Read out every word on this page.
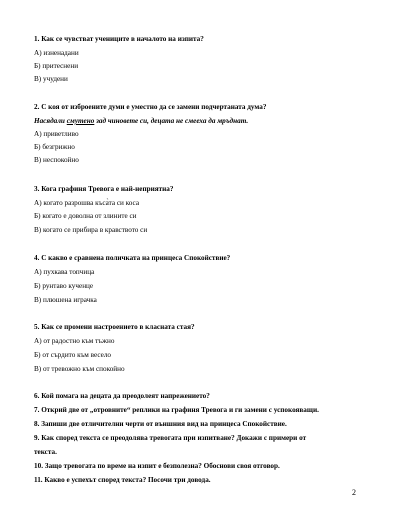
1. Как се чувстват учениците в началото на изпита?
А) изненадани
Б) притеснени
В) учудени
2. С коя от изброените думи е уместно да се замени подчертаната дума?
Насядали смутено зад чиновете си, децата не смееха да мръднат.
А) приветливо
Б) безгрижно
В) неспокойно
3. Кога графиня Тревога е най-неприятна?
А) когато разрошва къса̀та си коса
Б) когато е доволна от злините си
В) когато се прибира в кравството си
4. С какво е сравнена поличката на принцеса Спокойствие?
А) пухкава топчица
Б) рунтаво кученце
В) плюшена играчка
5. Как се промени настроението в класната стая?
А) от радостно към тъжно
Б) от сърдито към весело
В) от тревожно към спокойно
6. Кой помага на децата да преодолеят напрежението?
7. Открий две от „отровните“ реплики на графиня Тревога и ги замени с успокояващи.
8. Запиши две отличителни черти от външния вид на принцеса Спокойствие.
9. Как според текста се преодолява тревогата при изпитване? Докажи с примери от
текста.
10. Защо тревогата по време на изпит е безполезна? Обоснови своя отговор.
11. Какво е успехът според текста? Посочи три довода.
2
